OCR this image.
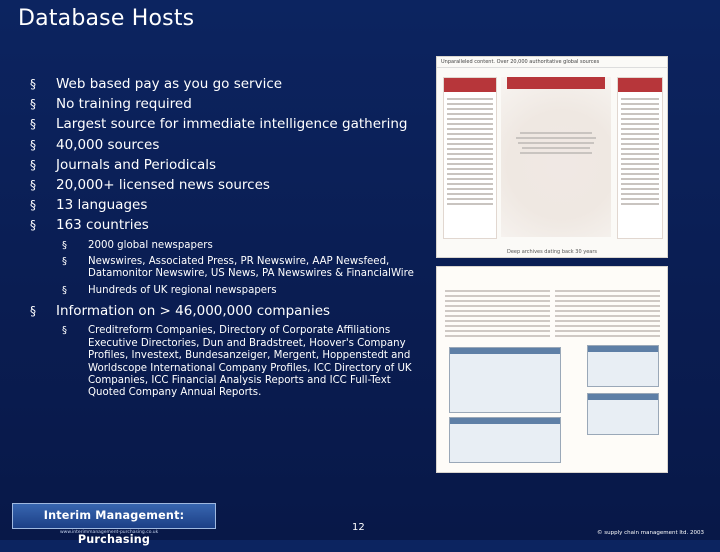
Database Hosts
§ Web based pay as you go service
§ No training required
§ Largest source for immediate intelligence gathering
§ 40,000 sources
§ Journals and Periodicals
§ 20,000+ licensed news sources
§ 13 languages
§ 163 countries
§ 2000 global newspapers
§ Newswires, Associated Press, PR Newswire, AAP Newsfeed, Datamonitor Newswire, US News, PA Newswires & FinancialWire
§ Hundreds of UK regional newspapers
§ Information on > 46,000,000 companies
§ Creditreform Companies, Directory of Corporate Affiliations Executive Directories, Dun and Bradstreet, Hoover's Company Profiles, Investext, Bundesanzeiger, Mergent, Hoppenstedt and Worldscope International Company Profiles, ICC Directory of UK Companies, ICC Financial Analysis Reports and ICC Full-Text Quoted Company Annual Reports.
Unparalleled content. Over 20,000 authoritative global sources
Deep archives dating back 30 years
Interim Management: Purchasing
www.interimmanagement-purchasing.co.uk	12	© supply chain management ltd. 2003
